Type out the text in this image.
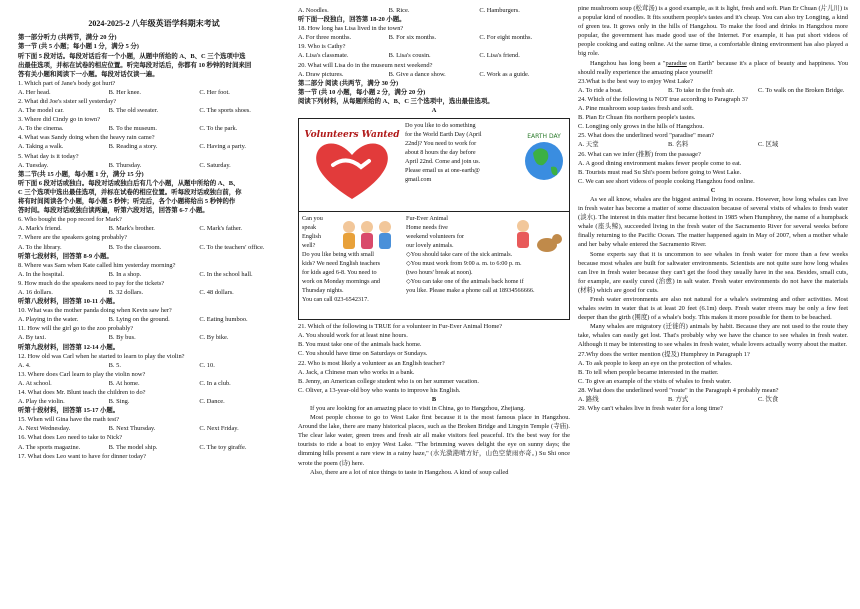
2024-2025-2 八年级英语学科期末考试
第一部分听力 (共两节，满分 20 分)
第一节 (共 5 小题；每小题 1 分，满分 5 分)
听下面 5 段对话。每段对话后有一个小题，从题中所给的 A、B、C 三个选项中选
出最佳选项，并标在试卷的相应位置。听完每段对话后，你都有 10 秒钟的时间来回
答有关小题和阅读下一小题。每段对话仅读一遍。
1. Which part of Jane's body got hurt?
A. Her head.	B. Her knee.	C. Her foot.
2. What did Joe's sister sell yesterday?
A. The model car.	B. The old sweater.	C. The sports shoes.
3. Where did Cindy go in town?
A. To the cinema.	B. To the museum.	C. To the park.
4. What was Sandy doing when the heavy rain came?
A. Taking a walk.	B. Reading a story.	C. Having a party.
5. What day is it today?
A. Tuesday.	B. Thursday.	C. Saturday.
第二节(共 15 小题，每小题 1 分，满分 15 分)
听下面 6 段对话或独白。每段对话或独白后有几个小题，从题中所给的 A、B、
C 三个选项中选出最佳选项，并标在试卷的相应位置。听每段对话或独白前，你
将有时间阅读各个小题，每小题 5 秒钟；听完后，各个小题将给出 5 秒钟的作
答时间。每段对话或独白读两遍，听第六段对话，回答第 6-7 小题。
6. Who bought the pop record for Mark?
A. Mark's friend.	B. Mark's brother.	C. Mark's father.
7. Where are the speakers going probably?
A. To the library.	B. To the classroom.	C. To the teachers' office.
听第七段材料，回答第 8-9 小题。
8. Where was Sam when Kate called him yesterday morning?
A. In the hospital.	B. In a shop.	C. In the school hall.
9. How much do the speakers need to pay for the tickets?
A. 16 dollars.	B. 32 dollars.	C. 48 dollars.
听第八段材料，回答第 10-11 小题。
10. What was the mother panda doing when Kevin saw her?
A. Playing in the water.	B. Lying on the ground.	C. Eating humboo.
11. How will the girl go to the zoo probably?
A. By taxi.	B. By bus.	C. By bike.
听第九段材料，回答第 12-14 小题。
12. How old was Carl when he started to learn to play the violin?
A. 4.	B. 5.	C. 10.
13. Where does Carl learn to play the violin now?
A. At school.	B. At home.	C. In a club.
14. What does Mr. Blunt teach the children to do?
A. Play the violin.	B. Sing.	C. Dance.
听第十段材料，回答第 15-17 小题。
15. When will Gina have the math test?
A. Next Wednesday.	B. Next Thursday.	C. Next Friday.
16. What does Leo need to take to Nick?
A. The sports magazine.	B. The model ship.	C. The toy giraffe.
17. What does Leo want to have for dinner today?
A. Noodles.	B. Rice.	C. Hamburgers.
听下面一段独白，回答第 18-20 小题。
18. How long has Lisa lived in the town?
A. For three months.	B. For six months.	C. For eight months.
19. Who is Cathy?
A. Lisa's classmate.	B. Lisa's cousin.	C. Lisa's friend.
20. What will Lisa do in the museum next weekend?
A. Draw pictures.	B. Give a dance show.	C. Work as a guide.
第二部分 阅读 (共两节，满分 30 分)
第一节 (共 10 小题，每小题 2 分，满分 20 分)
阅读下列材料，从每题所给的 A、B、C 三个选项中，选出最佳选项。
A
Volunteers Wanted
Do you like to do something
for the World Earth Day (April
22nd)? You need to work for
about 8 hours the day before
April 22nd. Come and join us.
Please email us at one-earth@
gmail.com
EARTH DAY
Can you
speak
English
well?
Do you like being with small
kids? We need English teachers
for kids aged 6-8. You need to
work on Monday mornings and
Thursday nights.
You can call 023-6542317.
Fur-Ever Animal
Home needs five
weekend volunteers for
our lovely animals.
◇You should take care of the sick animals.
◇You must work from 9:00 a. m. to 6:00 p. m.
(two hours' break at noon).
◇You can take one of the animals back home if
you like. Please make a phone call at 18934566666.
21. Which of the following is TRUE for a volunteer in Fur-Ever Animal Home?
A. You should work for at least nine hours.
B. You must take one of the animals back home.
C. You should have time on Saturdays or Sundays.
22. Who is most likely a volunteer as an English teacher?
A. Jack, a Chinese man who works in a bank.
B. Jenny, an American college student who is on her summer vacation.
C. Oliver, a 13-year-old boy who wants to improve his English.
B

If you are looking for an amazing place to visit in China, go to Hangzhou, Zhejiang.

Most people choose to go to West Lake first because it is the most famous place in Hangzhou. Around the lake, there are many historical places, such as the Broken Bridge and Lingyin Temple (寺庙). The clear lake water, green trees and fresh air all make visitors feel peaceful. It's the best way for the tourists to ride a boat to enjoy West Lake. "The brimming waves delight the eye on sunny days; the dimming hills present a rare view in a rainy haze," (水光潋滟晴方好，山色空蒙雨亦奇。) Su Shi once wrote the poem (诗) here.

Also, there are a lot of nice things to taste in Hangzhou. A kind of soup called

pine mushroom soup (松茸汤) is a good example, as it is light, fresh and soft. Pian Er Chuan (片儿川) is a popular kind of noodles. It fits southern people's tastes and it's cheap. You can also try Longjing, a kind of green tea. It grows only in the hills of Hangzhou. To make the food and drinks in Hangzhou more popular, the government has made good use of the Internet. For example, it has put short videos of people cooking and eating online. At the same time, a comfortable dining environment has also played a big role.

Hangzhou has long been a "paradise on Earth" because it's a place of beauty and happiness. You should really experience the amazing place yourself!

23.What is the best way to enjoy West Lake?
A. To ride a boat.	B. To take in the fresh air.	C. To walk on the Broken Bridge.
24. Which of the following is NOT true according to Paragraph 3?
A. Pine mushroom soup tastes fresh and soft.
B. Pian Er Chuan fits northern people's tastes.
C. Longjing only grows in the hills of Hangzhou.
25. What does the underlined word "paradise" mean?
A. 天堂	B. 名料	C. 区域
26. What can we infer (推断) from the passage?
A. A good dining environment makes fewer people come to eat.
B. Tourists must read Su Shi's poem before going to West Lake.
C. We can see short videos of people cooking Hangzhou food online.
C

As we all know, whales are the biggest animal living in oceans. However, how long whales can live in fresh water has become a matter of some discussion because of several visits of whales to fresh water (淡水). The interest in this matter first became hottest in 1985 when Humphrey, the name of a humpback whale (座头鲸), succeeded living in the fresh water of the Sacramento River for several weeks before finally returning to the Pacific Ocean. The matter happened again in May of 2007, when a mother whale and her baby whale entered the Sacramento River.

Some experts say that it is uncommon to see whales in fresh water for more than a few weeks because most whales are built for saltwater environments. Scientists are not quite sure how long whales can live in fresh water because they can't get the food they usually have in the sea. Besides, small cuts, for example, are easily cured (治愈) in salt water. Fresh water environments do not have the materials (材料) which are good for cuts.

Fresh water environments are also not natural for a whale's swimming and other activities. Most whales swim in water that is at least 20 feet (6.1m) deep. Fresh water rivers may be only a few feet deeper than the girth (围度) of a whale's body. This makes it more possible for them to be beached.

Many whales are migratory (迁徙的) animals by habit. Because they are not used to the route they take, whales can easily get lost. That's probably why we have the chance to see whales in fresh water. Although it may be interesting to see whales in fresh water, whale lovers actually worry about the matter.

27.Why does the writer mention (提及) Humphrey in Paragraph 1?
A. To ask people to keep an eye on the protection of whales.
B. To tell when people became interested in the matter.
C. To give an example of the visits of whales to fresh water.
28. What does the underlined word "route" in the Paragraph 4 probably mean?
A. 路线	B. 方式	C. 饮食
29. Why can't whales live in fresh water for a long time?
